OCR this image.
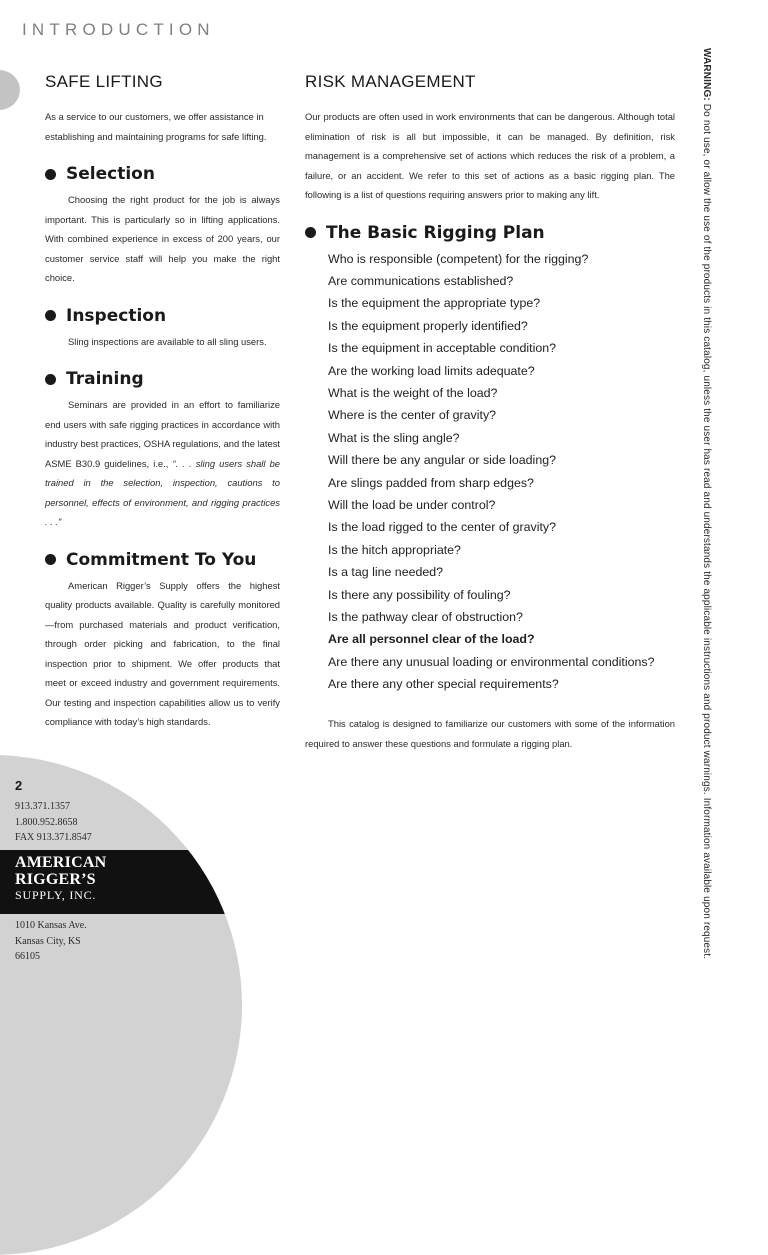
INTRODUCTION
SAFE LIFTING

As a service to our customers, we offer assistance in establishing and maintaining programs for safe lifting.

Selection

Choosing the right product for the job is always important. This is particularly so in lifting applications. With combined experience in excess of 200 years, our customer service staff will help you make the right choice.

Inspection

Sling inspections are available to all sling users.

Training

Seminars are provided in an effort to familiarize end users with safe rigging practices in accordance with industry best practices, OSHA regulations, and the latest ASME B30.9 guidelines, i.e., “. . . sling users shall be trained in the selection, inspection, cautions to personnel, effects of environment, and rigging practices . . .”

Commitment To You

American Rigger’s Supply offers the highest quality products available. Quality is carefully monitored—from purchased materials and product verification, through order picking and fabrication, to the final inspection prior to shipment. We offer products that meet or exceed industry and government requirements. Our testing and inspection capabilities allow us to verify compliance with today’s high standards.

RISK MANAGEMENT

Our products are often used in work environments that can be dangerous. Although total elimination of risk is all but impossible, it can be managed. By definition, risk management is a comprehensive set of actions which reduces the risk of a problem, a failure, or an accident. We refer to this set of actions as a basic rigging plan. The following is a list of questions requiring answers prior to making any lift.

The Basic Rigging Plan
Who is responsible (competent) for the rigging?
Are communications established?
Is the equipment the appropriate type?
Is the equipment properly identified?
Is the equipment in acceptable condition?
Are the working load limits adequate?
What is the weight of the load?
Where is the center of gravity?
What is the sling angle?
Will there be any angular or side loading?
Are slings padded from sharp edges?
Will the load be under control?
Is the load rigged to the center of gravity?
Is the hitch appropriate?
Is a tag line needed?
Is there any possibility of fouling?
Is the pathway clear of obstruction?
Are all personnel clear of the load?
Are there any unusual loading or environmental conditions?
Are there any other special requirements?

This catalog is designed to familiarize our customers with some of the information required to answer these questions and formulate a rigging plan.

WARNING: Do not use, or allow the use of the products in this catalog, unless the user has read and understands the applicable instructions and product warnings. Information available upon request.
2
913.371.1357
1.800.952.8658
FAX 913.371.8547
AMERICAN
RIGGER’S
SUPPLY, INC.
1010 Kansas Ave.
Kansas City, KS
66105
